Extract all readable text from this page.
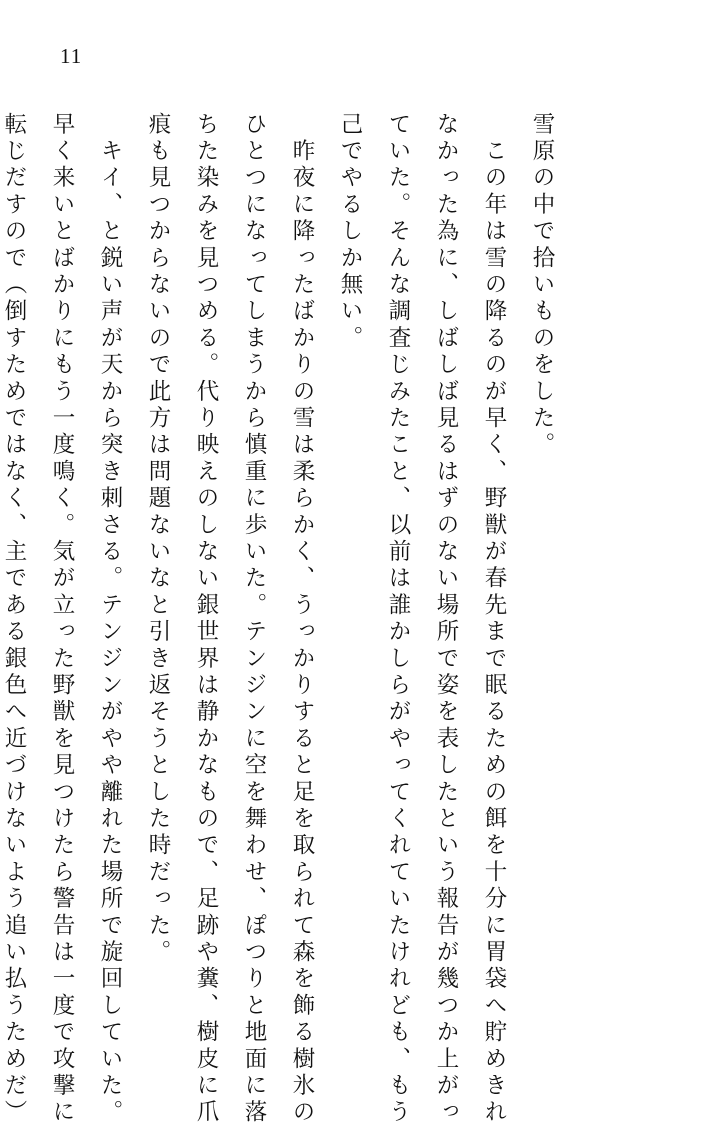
11
雪原の中で拾いものをした。
　この年は雪の降るのが早く、野獣が春先まで眠るための餌を十分に胃袋へ貯めきれ
なかった為に、しばしば見るはずのない場所で姿を表したという報告が幾つか上がっ
ていた。そんな調査じみたこと、以前は誰かしらがやってくれていたけれども、もう
己でやるしか無い。
　昨夜に降ったばかりの雪は柔らかく、うっかりすると足を取られて森を飾る樹氷の
ひとつになってしまうから慎重に歩いた。テンジンに空を舞わせ、ぽつりと地面に落
ちた染みを見つめる。代り映えのしない銀世界は静かなもので、足跡や糞、樹皮に爪
痕も見つからないので此方は問題ないなと引き返そうとした時だった。
　キイ、と鋭い声が天から突き刺さる。テンジンがやや離れた場所で旋回していた。
早く来いとばかりにもう一度鳴く。気が立った野獣を見つけたら警告は一度で攻撃に
転じだすので（倒すためではなく、主である銀色へ近づけないよう追い払うためだ）
